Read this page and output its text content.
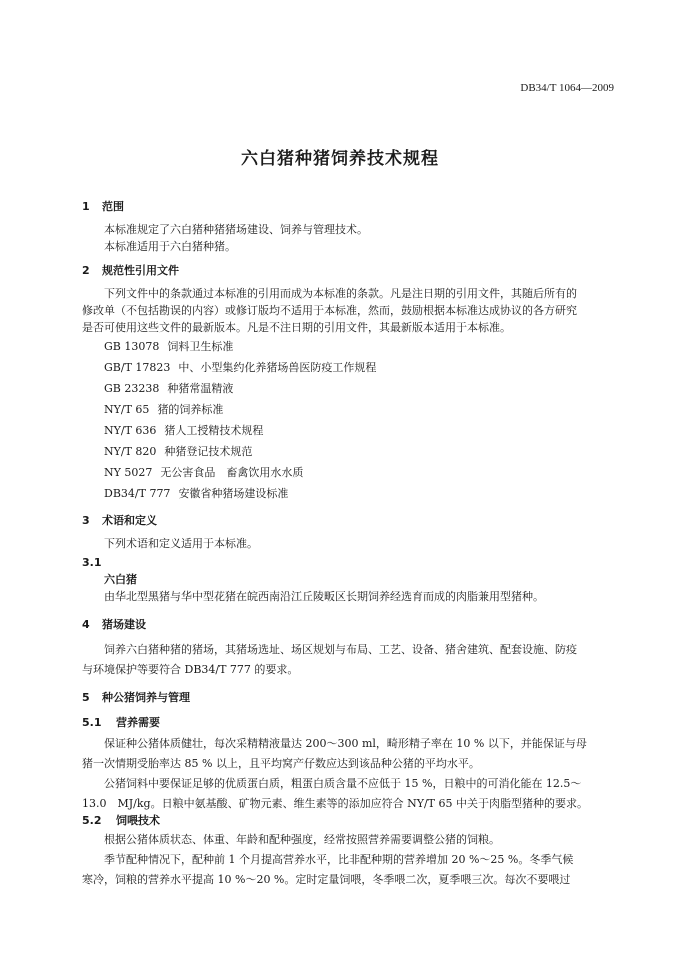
DB34/T 1064—2009
六白猪种猪饲养技术规程
1 范围

本标准规定了六白猪种猪猪场建设、饲养与管理技术。

本标准适用于六白猪种猪。

2 规范性引用文件

下列文件中的条款通过本标准的引用而成为本标准的条款。凡是注日期的引用文件，其随后所有的

修改单（不包括勘误的内容）或修订版均不适用于本标准，然而，鼓励根据本标准达成协议的各方研究

是否可使用这些文件的最新版本。凡是不注日期的引用文件，其最新版本适用于本标准。

GB 13078 饲料卫生标准
GB/T 17823 中、小型集约化养猪场兽医防疫工作规程
GB 23238 种猪常温精液
NY/T 65 猪的饲养标准
NY/T 636 猪人工授精技术规程
NY/T 820 种猪登记技术规范
NY 5027 无公害食品　畜禽饮用水水质
DB34/T 777 安徽省种猪场建设标准
3 术语和定义

下列术语和定义适用于本标准。

3.1
六白猪

由华北型黑猪与华中型花猪在皖西南沿江丘陵畈区长期饲养经选育而成的肉脂兼用型猪种。

4 猪场建设

饲养六白猪种猪的猪场，其猪场选址、场区规划与布局、工艺、设备、猪舍建筑、配套设施、防疫

与环境保护等要符合 DB34/T 777 的要求。

5 种公猪饲养与管理
5.1 营养需要

保证种公猪体质健壮，每次采精精液量达 200～300 ml，畸形精子率在 10 % 以下，并能保证与母

猪一次情期受胎率达 85 % 以上，且平均窝产仔数应达到该品种公猪的平均水平。

公猪饲料中要保证足够的优质蛋白质，粗蛋白质含量不应低于 15 %，日粮中的可消化能在 12.5～

13.0　MJ/kg。日粮中氨基酸、矿物元素、维生素等的添加应符合 NY/T 65 中关于肉脂型猪种的要求。

5.2 饲喂技术

根据公猪体质状态、体重、年龄和配种强度，经常按照营养需要调整公猪的饲粮。

季节配种情况下，配种前 1 个月提高营养水平，比非配种期的营养增加 20 %～25 %。冬季气候

寒冷，饲粮的营养水平提高 10 %～20 %。定时定量饲喂，冬季喂二次，夏季喂三次。每次不要喂过
